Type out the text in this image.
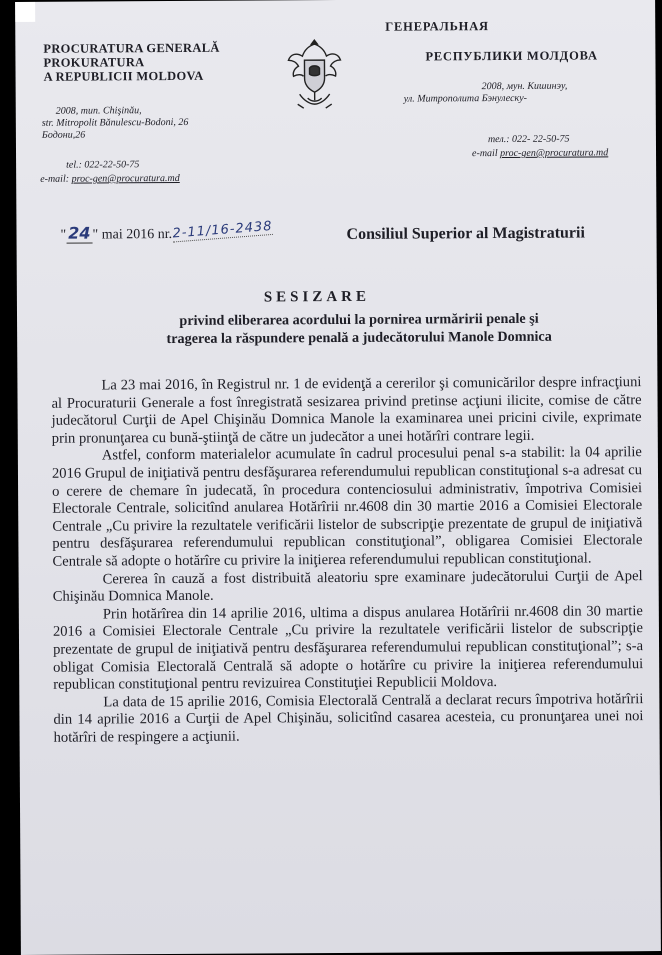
PROCURATURA GENERALĂ
PROKURATURA
A REPUBLICII MOLDOVA
ГЕНЕРАЛЬНАЯ
РЕСПУБЛИКИ МОЛДОВА
2008, mun. Chişinău,
str. Mitropolit Bănulescu-Bodoni, 26
Бодони,26
2008, мун. Кишинэу,
ул. Митрополита Бэнулеску-
tel.: 022-22-50-75
e-mail: proc-gen@procuratura.md
тел.: 022- 22-50-75
e-mail proc-gen@procuratura.md
" 24 " mai 2016 nr.2-11/16-2438	Consiliul Superior al Magistraturii
SESIZARE
privind eliberarea acordului la pornirea urmăririi penale şi
tragerea la răspundere penală a judecătorului Manole Domnica

La 23 mai 2016, în Registrul nr. 1 de evidenţă a cererilor şi comunicărilor despre infracţiuni al Procuraturii Generale a fost înregistrată sesizarea privind pretinse acţiuni ilicite, comise de către judecătorul Curţii de Apel Chişinău Domnica Manole la examinarea unei pricini civile, exprimate prin pronunţarea cu bună-ştiinţă de către un judecător a unei hotărîri contrare legii.

Astfel, conform materialelor acumulate în cadrul procesului penal s-a stabilit: la 04 aprilie 2016 Grupul de iniţiativă pentru desfăşurarea referendumului republican constituţional s-a adresat cu o cerere de chemare în judecată, în procedura contenciosului administrativ, împotriva Comisiei Electorale Centrale, solicitînd anularea Hotărîrii nr.4608 din 30 martie 2016 a Comisiei Electorale Centrale „Cu privire la rezultatele verificării listelor de subscripţie prezentate de grupul de iniţiativă pentru desfăşurarea referendumului republican constituţional”, obligarea Comisiei Electorale Centrale să adopte o hotărîre cu privire la iniţierea referendumului republican constituţional.

Cererea în cauză a fost distribuită aleatoriu spre examinare judecătorului Curţii de Apel Chişinău Domnica Manole.

Prin hotărîrea din 14 aprilie 2016, ultima a dispus anularea Hotărîrii nr.4608 din 30 martie 2016 a Comisiei Electorale Centrale „Cu privire la rezultatele verificării listelor de subscripţie prezentate de grupul de iniţiativă pentru desfăşurarea referendumului republican constituţional”; s-a obligat Comisia Electorală Centrală să adopte o hotărîre cu privire la iniţierea referendumului republican constituţional pentru revizuirea Constituţiei Republicii Moldova.

La data de 15 aprilie 2016, Comisia Electorală Centrală a declarat recurs împotriva hotărîrii din 14 aprilie 2016 a Curţii de Apel Chişinău, solicitînd casarea acesteia, cu pronunţarea unei noi hotărîri de respingere a acţiunii.
